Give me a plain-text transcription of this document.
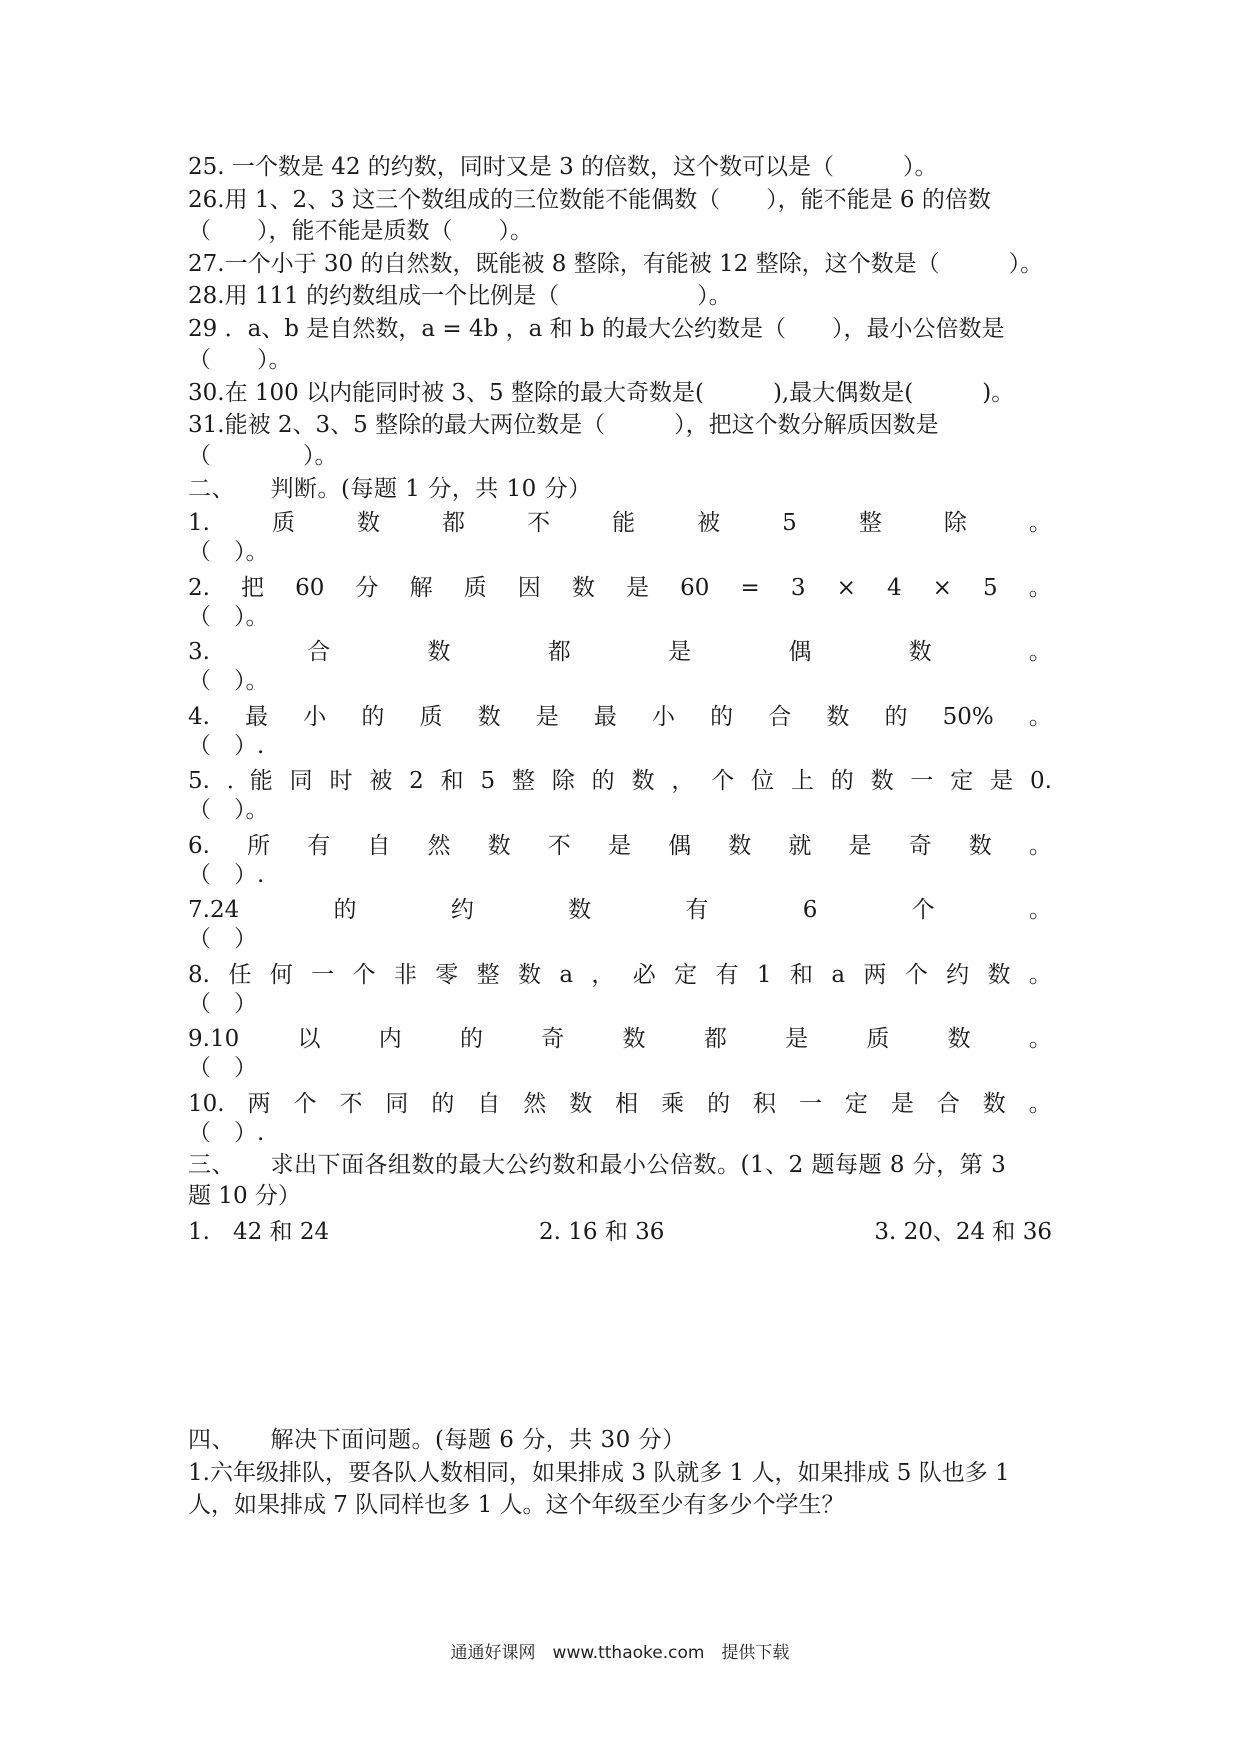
25. 一个数是 42 的约数，同时又是 3 的倍数，这个数可以是（　　　）。
26.用 1、2、3 这三个数组成的三位数能不能偶数（　　），能不能是 6 的倍数
（　　），能不能是质数（　　）。
27.一个小于 30 的自然数，既能被 8 整除，有能被 12 整除，这个数是（　　　）。
28.用 111 的约数组成一个比例是（　　　　　　）。
29 ．a、b 是自然数，a = 4b ，a 和 b 的最大公约数是（　　），最小公倍数是
（　　）。
30.在 100 以内能同时被 3、5 整除的最大奇数是(　　　),最大偶数是(　　　)。
31.能被 2、3、5 整除的最大两位数是（　　　），把这个数分解质因数是
（　　　　）。
二、　　判断。(每题 1 分，共 10 分）
1.	质	数	都	不	能	被	5	整	除	。
（　）。
2. 把 60 分 解 质 因 数 是 60 = 3 × 4 × 5 。
（　）。
3.	合	数	都	是	偶	数	。
（　）。
4. 最 小 的 质 数 是 最 小 的 合 数 的 50% 。
（　）.
5. ．能 同 时 被 2 和 5 整 除 的 数 ， 个 位 上 的 数 一 定 是 0.
（　）。
6. 所 有 自 然 数 不 是 偶 数 就 是 奇 数 。
（　）.
7.24	的	约	数	有	6	个	。
（　）
8. 任 何 一 个 非 零 整 数 a ， 必 定 有 1 和 a 两 个 约 数 。
（　）
9.10	以	内	的	奇	数	都	是	质	数	。
（　）
10. 两 个 不 同 的 自 然 数 相 乘 的 积 一 定 是 合 数 。
（　）.
三、　　求出下面各组数的最大公约数和最小公倍数。(1、2 题每题 8 分，第 3
题 10 分）
1.　42 和 24	2. 16 和 36	3. 20、24 和 36
四、　　解决下面问题。(每题 6 分，共 30 分）
1.六年级排队，要各队人数相同，如果排成 3 队就多 1 人，如果排成 5 队也多 1
人，如果排成 7 队同样也多 1 人。这个年级至少有多少个学生？
通通好课网　www.tthaoke.com　提供下载
